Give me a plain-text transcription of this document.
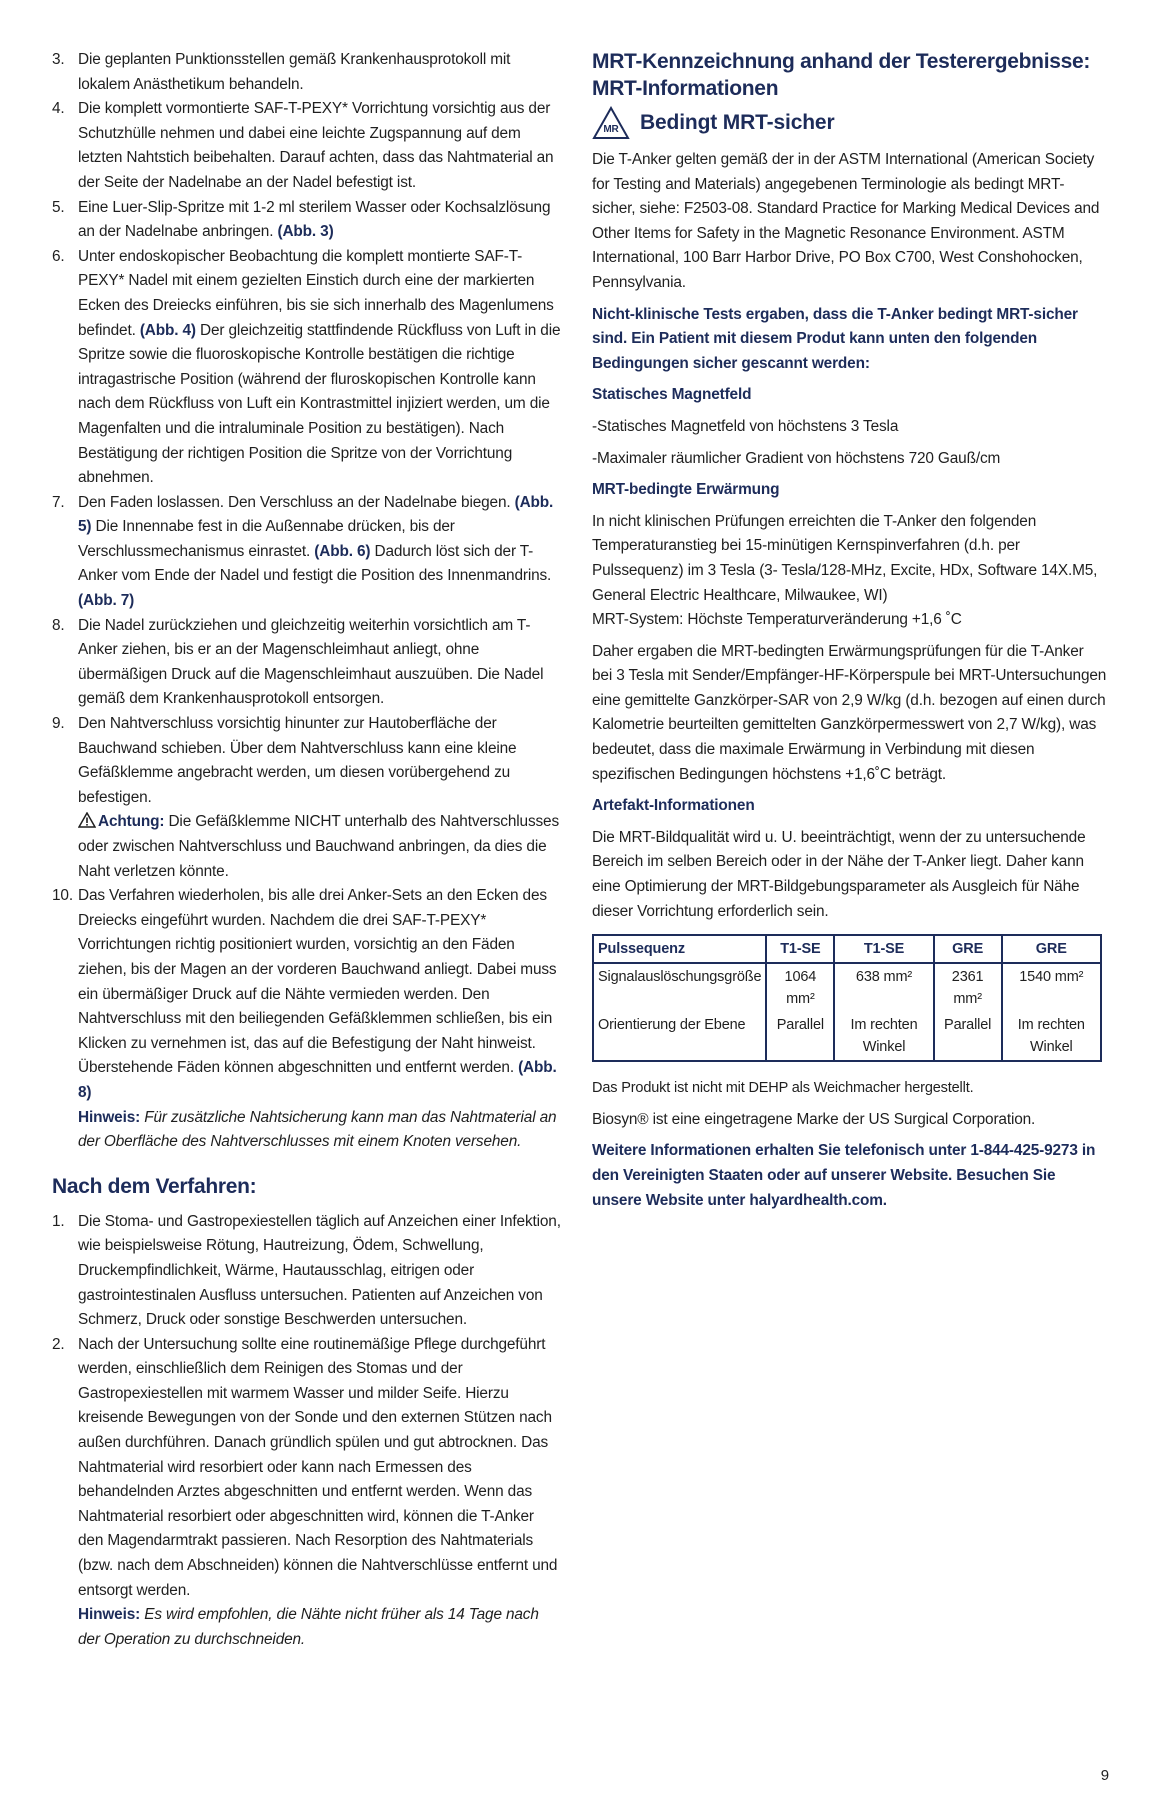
3. Die geplanten Punktionsstellen gemäß Krankenhausprotokoll mit lokalem Anästhetikum behandeln.
4. Die komplett vormontierte SAF-T-PEXY* Vorrichtung vorsichtig aus der Schutzhülle nehmen und dabei eine leichte Zugspannung auf dem letzten Nahtstich beibehalten. Darauf achten, dass das Nahtmaterial an der Seite der Nadelnabe an der Nadel befestigt ist.
5. Eine Luer-Slip-Spritze mit 1-2 ml sterilem Wasser oder Kochsalzlösung an der Nadelnabe anbringen. (Abb. 3)
6. Unter endoskopischer Beobachtung die komplett montierte SAF-T-PEXY* Nadel mit einem gezielten Einstich durch eine der markierten Ecken des Dreiecks einführen, bis sie sich innerhalb des Magenlumens befindet. (Abb. 4) Der gleichzeitig stattfindende Rückfluss von Luft in die Spritze sowie die fluoroskopische Kontrolle bestätigen die richtige intragastrische Position (während der fluroskopischen Kontrolle kann nach dem Rückfluss von Luft ein Kontrastmittel injiziert werden, um die Magenfalten und die intraluminale Position zu bestätigen). Nach Bestätigung der richtigen Position die Spritze von der Vorrichtung abnehmen.
7. Den Faden loslassen. Den Verschluss an der Nadelnabe biegen. (Abb. 5) Die Innennabe fest in die Außennabe drücken, bis der Verschlussmechanismus einrastet. (Abb. 6) Dadurch löst sich der T-Anker vom Ende der Nadel und festigt die Position des Innenmandrins. (Abb. 7)
8. Die Nadel zurückziehen und gleichzeitig weiterhin vorsichtlich am T-Anker ziehen, bis er an der Magenschleimhaut anliegt, ohne übermäßigen Druck auf die Magenschleimhaut auszuüben. Die Nadel gemäß dem Krankenhausprotokoll entsorgen.
9. Den Nahtverschluss vorsichtig hinunter zur Hautoberfläche der Bauchwand schieben. Über dem Nahtverschluss kann eine kleine Gefäßklemme angebracht werden, um diesen vorübergehend zu befestigen.
Achtung: Die Gefäßklemme NICHT unterhalb des Nahtverschlusses oder zwischen Nahtverschluss und Bauchwand anbringen, da dies die Naht verletzen könnte.
10. Das Verfahren wiederholen, bis alle drei Anker-Sets an den Ecken des Dreiecks eingeführt wurden. Nachdem die drei SAF-T-PEXY* Vorrichtungen richtig positioniert wurden, vorsichtig an den Fäden ziehen, bis der Magen an der vorderen Bauchwand anliegt. Dabei muss ein übermäßiger Druck auf die Nähte vermieden werden. Den Nahtverschluss mit den beiliegenden Gefäßklemmen schließen, bis ein Klicken zu vernehmen ist, das auf die Befestigung der Naht hinweist. Überstehende Fäden können abgeschnitten und entfernt werden. (Abb. 8)
Hinweis: Für zusätzliche Nahtsicherung kann man das Nahtmaterial an der Oberfläche des Nahtverschlusses mit einem Knoten versehen.
Nach dem Verfahren:
1. Die Stoma- und Gastropexiestellen täglich auf Anzeichen einer Infektion, wie beispielsweise Rötung, Hautreizung, Ödem, Schwellung, Druckempfindlichkeit, Wärme, Hautausschlag, eitrigen oder gastrointestinalen Ausfluss untersuchen. Patienten auf Anzeichen von Schmerz, Druck oder sonstige Beschwerden untersuchen.
2. Nach der Untersuchung sollte eine routinemäßige Pflege durchgeführt werden, einschließlich dem Reinigen des Stomas und der Gastropexiestellen mit warmem Wasser und milder Seife. Hierzu kreisende Bewegungen von der Sonde und den externen Stützen nach außen durchführen. Danach gründlich spülen und gut abtrocknen. Das Nahtmaterial wird resorbiert oder kann nach Ermessen des behandelnden Arztes abgeschnitten und entfernt werden. Wenn das Nahtmaterial resorbiert oder abgeschnitten wird, können die T-Anker den Magendarmtrakt passieren. Nach Resorption des Nahtmaterials (bzw. nach dem Abschneiden) können die Nahtverschlüsse entfernt und entsorgt werden.
Hinweis: Es wird empfohlen, die Nähte nicht früher als 14 Tage nach der Operation zu durchschneiden.
MRT-Kennzeichnung anhand der Testerergebnisse: MRT-Informationen
MR Bedingt MRT-sicher

Die T-Anker gelten gemäß der in der ASTM International (American Society for Testing and Materials) angegebenen Terminologie als bedingt MRT-sicher, siehe: F2503-08. Standard Practice for Marking Medical Devices and Other Items for Safety in the Magnetic Resonance Environment. ASTM International, 100 Barr Harbor Drive, PO Box C700, West Conshohocken, Pennsylvania.

Nicht-klinische Tests ergaben, dass die T-Anker bedingt MRT-sicher sind. Ein Patient mit diesem Produt kann unten den folgenden Bedingungen sicher gescannt werden:

Statisches Magnetfeld

-Statisches Magnetfeld von höchstens 3 Tesla

-Maximaler räumlicher Gradient von höchstens 720 Gauß/cm

MRT-bedingte Erwärmung
In nicht klinischen Prüfungen erreichten die T-Anker den folgenden Temperaturanstieg bei 15-minütigen Kernspinverfahren (d.h. per Pulssequenz) im 3 Tesla (3- Tesla/128-MHz, Excite, HDx, Software 14X.M5, General Electric Healthcare, Milwaukee, WI)

MRT-System: Höchste Temperaturveränderung +1,6 ˚C

Daher ergaben die MRT-bedingten Erwärmungsprüfungen für die T-Anker bei 3 Tesla mit Sender/Empfänger-HF-Körperspule bei MRT-Untersuchungen eine gemittelte Ganzkörper-SAR von 2,9 W/kg (d.h. bezogen auf einen durch Kalometrie beurteilten gemittelten Ganzkörpermesswert von 2,7 W/kg), was bedeutet, dass die maximale Erwärmung in Verbindung mit diesen spezifischen Bedingungen höchstens +1,6˚C beträgt.

Artefakt-Informationen

Die MRT-Bildqualität wird u. U. beeinträchtigt, wenn der zu untersuchende Bereich im selben Bereich oder in der Nähe der T-Anker liegt. Daher kann eine Optimierung der MRT-Bildgebungsparameter als Ausgleich für Nähe dieser Vorrichtung erforderlich sein.

Pulssequenz	T1-SE	T1-SE	GRE	GRE
Signalauslöschungsgröße	1064 mm²	638 mm²	2361 mm²	1540 mm²
Orientierung der Ebene	Parallel	Im rechten Winkel	Parallel	Im rechten Winkel

Das Produkt ist nicht mit DEHP als Weichmacher hergestellt.

Biosyn® ist eine eingetragene Marke der US Surgical Corporation.

Weitere Informationen erhalten Sie telefonisch unter 1-844-425-9273 in den Vereinigten Staaten oder auf unserer Website. Besuchen Sie unsere Website unter halyardhealth.com.

9
